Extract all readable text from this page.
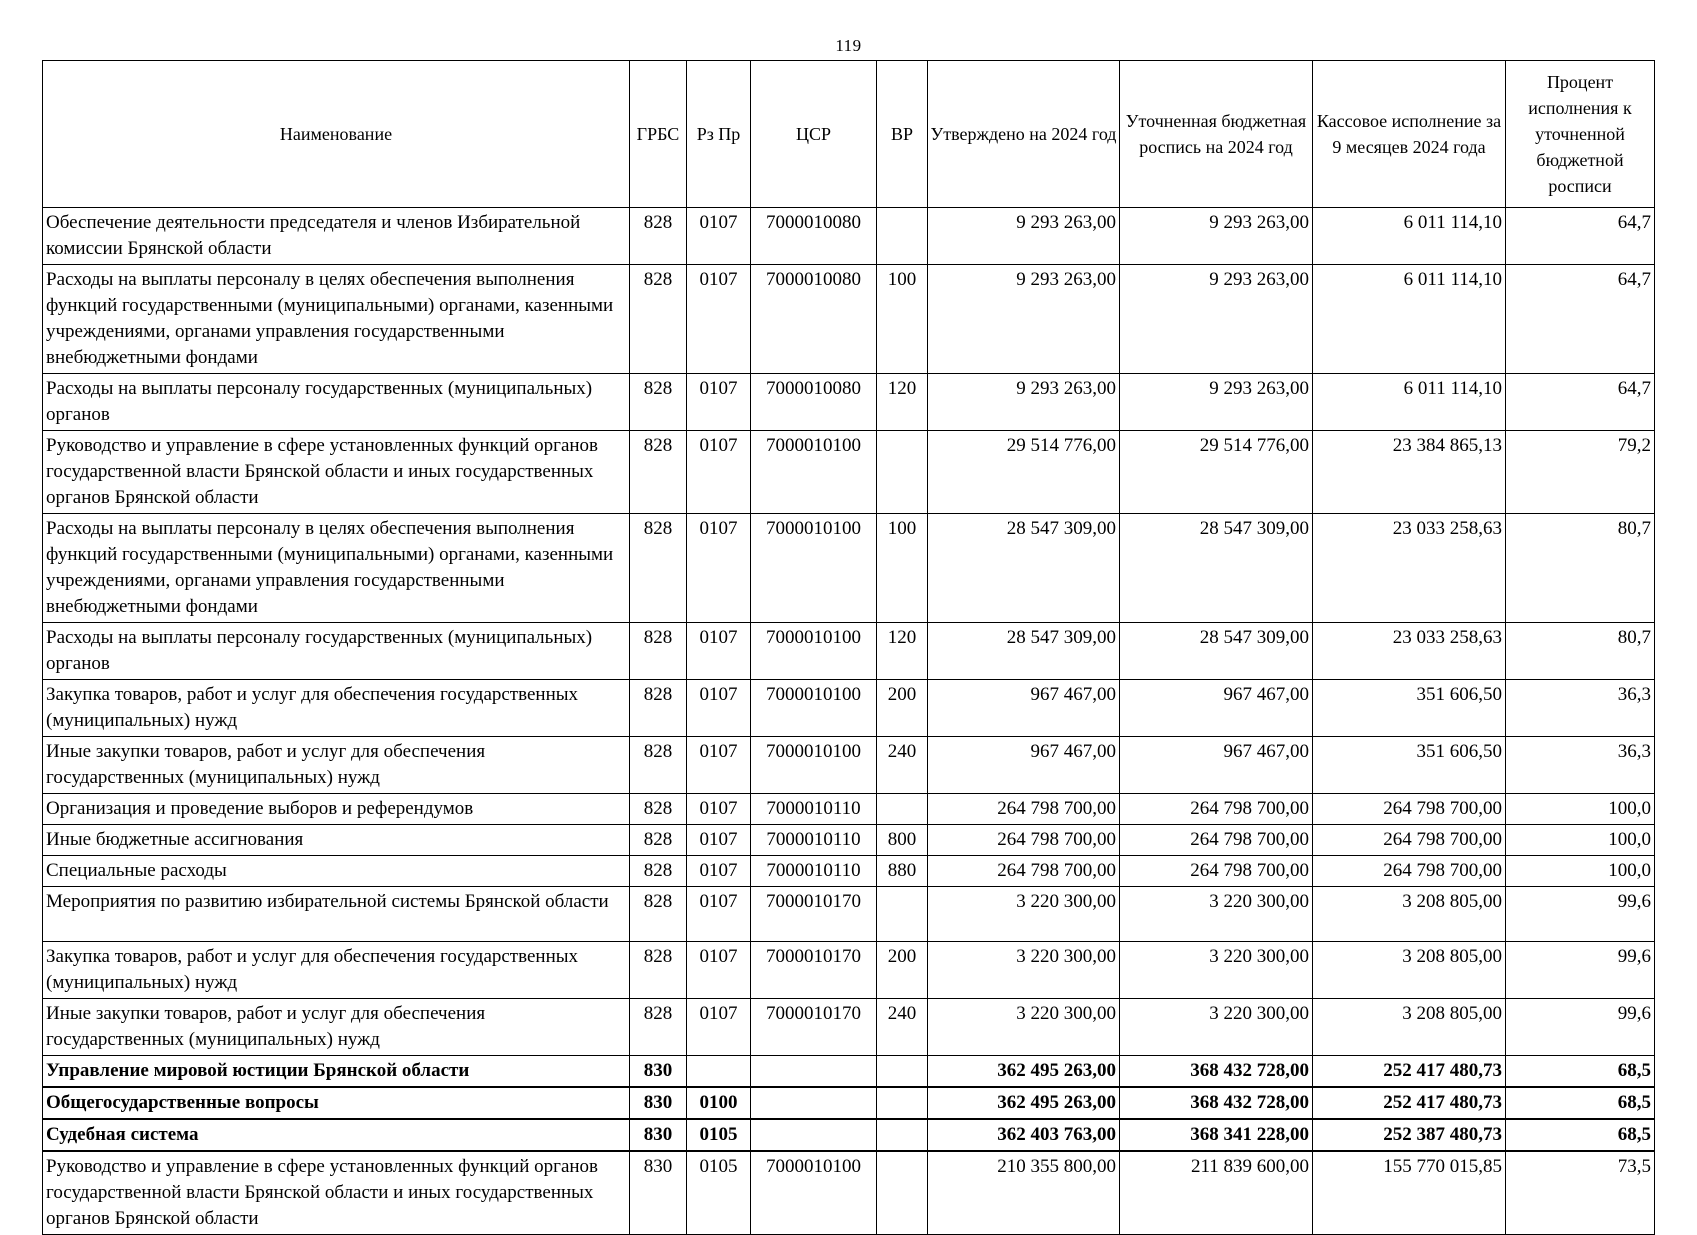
119
Наименование	ГРБС	Рз Пр	ЦСР	ВР	Утверждено на 2024 год	Уточненная бюджетная роспись на 2024 год	Кассовое исполнение за 9 месяцев 2024 года	Процент исполнения к уточненной бюджетной росписи
Обеспечение деятельности председателя и членов Избирательной комиссии Брянской области	828	0107	7000010080		9 293 263,00	9 293 263,00	6 011 114,10	64,7
Расходы на выплаты персоналу в целях обеспечения выполнения функций государственными (муниципальными) органами, казенными учреждениями, органами управления государственными внебюджетными фондами	828	0107	7000010080	100	9 293 263,00	9 293 263,00	6 011 114,10	64,7
Расходы на выплаты персоналу государственных (муниципальных) органов	828	0107	7000010080	120	9 293 263,00	9 293 263,00	6 011 114,10	64,7
Руководство и управление в сфере установленных функций органов государственной власти Брянской области и иных государственных органов Брянской области	828	0107	7000010100		29 514 776,00	29 514 776,00	23 384 865,13	79,2
Расходы на выплаты персоналу в целях обеспечения выполнения функций государственными (муниципальными) органами, казенными учреждениями, органами управления государственными внебюджетными фондами	828	0107	7000010100	100	28 547 309,00	28 547 309,00	23 033 258,63	80,7
Расходы на выплаты персоналу государственных (муниципальных) органов	828	0107	7000010100	120	28 547 309,00	28 547 309,00	23 033 258,63	80,7
Закупка товаров, работ и услуг для обеспечения государственных (муниципальных) нужд	828	0107	7000010100	200	967 467,00	967 467,00	351 606,50	36,3
Иные закупки товаров, работ и услуг для обеспечения государственных (муниципальных) нужд	828	0107	7000010100	240	967 467,00	967 467,00	351 606,50	36,3
Организация и проведение выборов и референдумов	828	0107	7000010110		264 798 700,00	264 798 700,00	264 798 700,00	100,0
Иные бюджетные ассигнования	828	0107	7000010110	800	264 798 700,00	264 798 700,00	264 798 700,00	100,0
Специальные расходы	828	0107	7000010110	880	264 798 700,00	264 798 700,00	264 798 700,00	100,0
Мероприятия по развитию избирательной системы Брянской области	828	0107	7000010170		3 220 300,00	3 220 300,00	3 208 805,00	99,6
Закупка товаров, работ и услуг для обеспечения государственных (муниципальных) нужд	828	0107	7000010170	200	3 220 300,00	3 220 300,00	3 208 805,00	99,6
Иные закупки товаров, работ и услуг для обеспечения государственных (муниципальных) нужд	828	0107	7000010170	240	3 220 300,00	3 220 300,00	3 208 805,00	99,6
Управление мировой юстиции Брянской области	830				362 495 263,00	368 432 728,00	252 417 480,73	68,5
Общегосударственные вопросы	830	0100			362 495 263,00	368 432 728,00	252 417 480,73	68,5
Судебная система	830	0105			362 403 763,00	368 341 228,00	252 387 480,73	68,5
Руководство и управление в сфере установленных функций органов государственной власти Брянской области и иных государственных органов Брянской области	830	0105	7000010100		210 355 800,00	211 839 600,00	155 770 015,85	73,5
